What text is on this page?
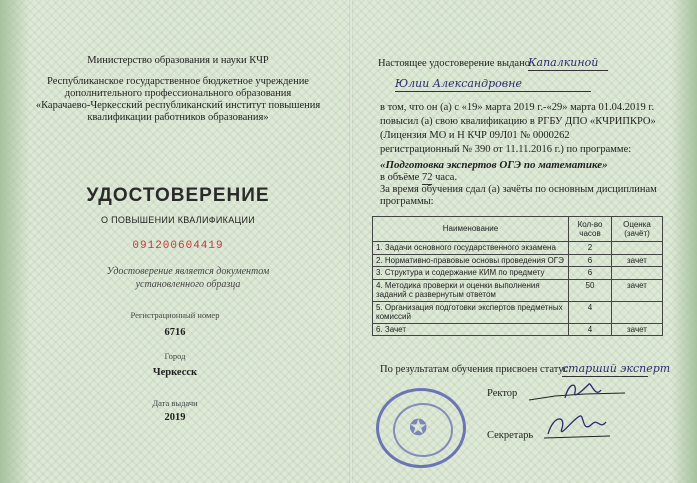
Министерство образования и науки КЧР
Республиканское государственное бюджетное учреждение
дополнительного профессионального образования
«Карачаево-Черкесский республиканский институт повышения
квалификации работников образования»
УДОСТОВЕРЕНИЕ
О ПОВЫШЕНИИ КВАЛИФИКАЦИИ
091200604419
Удостоверение является документом
установленного образца
Регистрационный номер
6716
Город
Черкесск
Дата выдачи
2019
Настоящее удостоверение выдано
Капалкиной
Юлии Александровне
в том, что он (а) с «19» марта 2019 г.-«29» марта 01.04.2019 г.
повысил (а) свою квалификацию в РГБУ ДПО «КЧРИПКРО»
(Лицензия МО и Н КЧР 09Л01 № 0000262
регистрационный № 390 от 11.11.2016 г.) по программе:
«Подготовка экспертов ОГЭ по математике»
в объёме 72 часа.
За время обучения сдал (а) зачёты по основным дисциплинам
программы:
Наименование	Кол-во часов	Оценка (зачёт)
1. Задачи основного государственного экзамена	2	
2. Нормативно-правовые основы проведения ОГЭ	6	зачет
3. Структура и содержание КИМ по предмету	6	
4. Методика проверки и оценки выполнения заданий с развернутым ответом	50	зачет
5. Организация подготовки экспертов предметных комиссий	4	
6. Зачет	4	зачет
По результатам обучения присвоен статус
старший эксперт
Ректор
Секретарь
✪
